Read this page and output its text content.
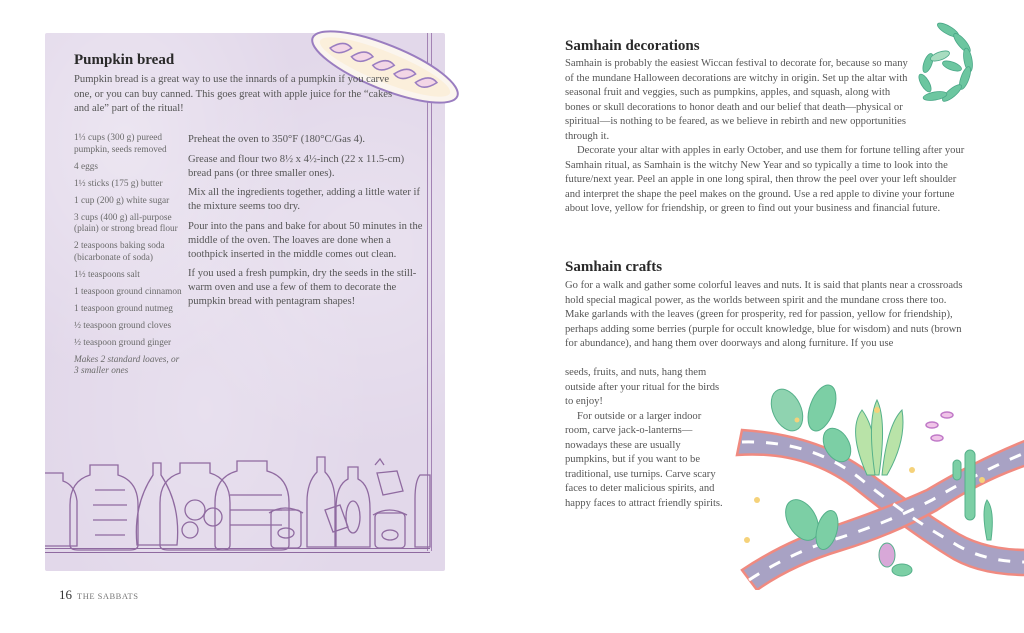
Pumpkin bread
Pumpkin bread is a great way to use the innards of a pumpkin if you carve one, or you can buy canned. This goes great with apple juice for the “cakes and ale” part of the ritual!

1⅓ cups (300 g) pureed pumpkin, seeds removed

4 eggs

1½ sticks (175 g) butter

1 cup (200 g) white sugar

3 cups (400 g) all-purpose (plain) or strong bread flour

2 teaspoons baking soda (bicarbonate of soda)

1½ teaspoons salt

1 teaspoon ground cinnamon

1 teaspoon ground nutmeg

½ teaspoon ground cloves

½ teaspoon ground ginger

Makes 2 standard loaves, or 3 smaller ones

Preheat the oven to 350°F (180°C/Gas 4).

Grease and flour two 8½ x 4½-inch (22 x 11.5-cm) bread pans (or three smaller ones).

Mix all the ingredients together, adding a little water if the mixture seems too dry.

Pour into the pans and bake for about 50 minutes in the middle of the oven. The loaves are done when a toothpick inserted in the middle comes out clean.

If you used a fresh pumpkin, dry the seeds in the still-warm oven and use a few of them to decorate the pumpkin bread with pentagram shapes!

16 THE SABBATS
Samhain decorations

Samhain is probably the easiest Wiccan festival to decorate for, because so many of the mundane Halloween decorations are witchy in origin. Set up the altar with seasonal fruit and veggies, such as pumpkins, apples, and squash, along with bones or skull decorations to honor death and our belief that death—physical or spiritual—is nothing to be feared, as we believe in rebirth and new opportunities through it.

Decorate your altar with apples in early October, and use them for fortune telling after your Samhain ritual, as Samhain is the witchy New Year and so typically a time to look into the future/next year. Peel an apple in one long spiral, then throw the peel over your left shoulder and interpret the shape the peel makes on the ground. Use a red apple to divine your fortune about love, yellow for friendship, or green to find out your business and financial future.

Samhain crafts

Go for a walk and gather some colorful leaves and nuts. It is said that plants near a crossroads hold special magical power, as the worlds between spirit and the mundane cross there too. Make garlands with the leaves (green for prosperity, red for passion, yellow for friendship), perhaps adding some berries (purple for occult knowledge, blue for wisdom) and nuts (brown for abundance), and hang them over doorways and along furniture. If you use

seeds, fruits, and nuts, hang them outside after your ritual for the birds to enjoy!

For outside or a larger indoor room, carve jack-o-lanterns—nowadays these are usually pumpkins, but if you want to be traditional, use turnips. Carve scary faces to deter malicious spirits, and happy faces to attract friendly spirits.
